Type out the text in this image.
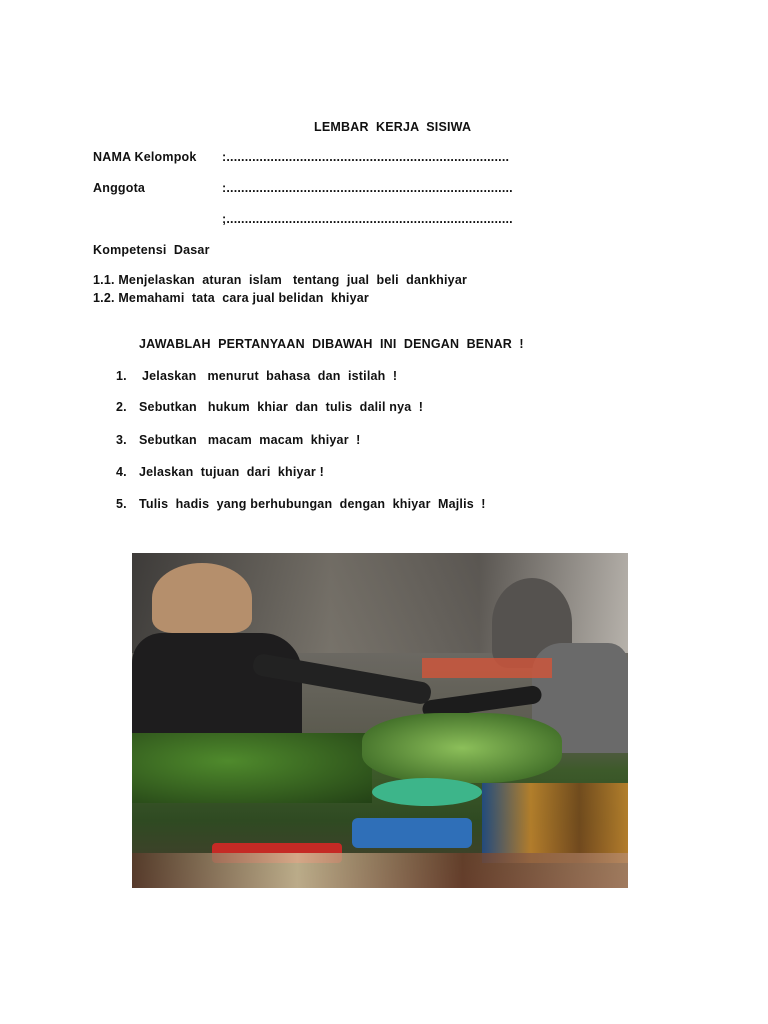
LEMBAR  KERJA  SISIWA
NAMA Kelompok :.............................................................................
Anggota	:..............................................................................
;..............................................................................
Kompetensi  Dasar
1.1. Menjelaskan  aturan  islam   tentang  jual  beli  dankhiyar
1.2. Memahami  tata  cara jual belidan  khiyar
JAWABLAH  PERTANYAAN  DIBAWAH  INI  DENGAN  BENAR  !
1. Jelaskan   menurut  bahasa  dan  istilah  !
2. Sebutkan   hukum  khiar  dan  tulis  dalil nya  !
3. Sebutkan   macam  macam  khiyar  !
4. Jelaskan  tujuan  dari  khiyar !
5. Tulis  hadis  yang berhubungan  dengan  khiyar  Majlis  !
